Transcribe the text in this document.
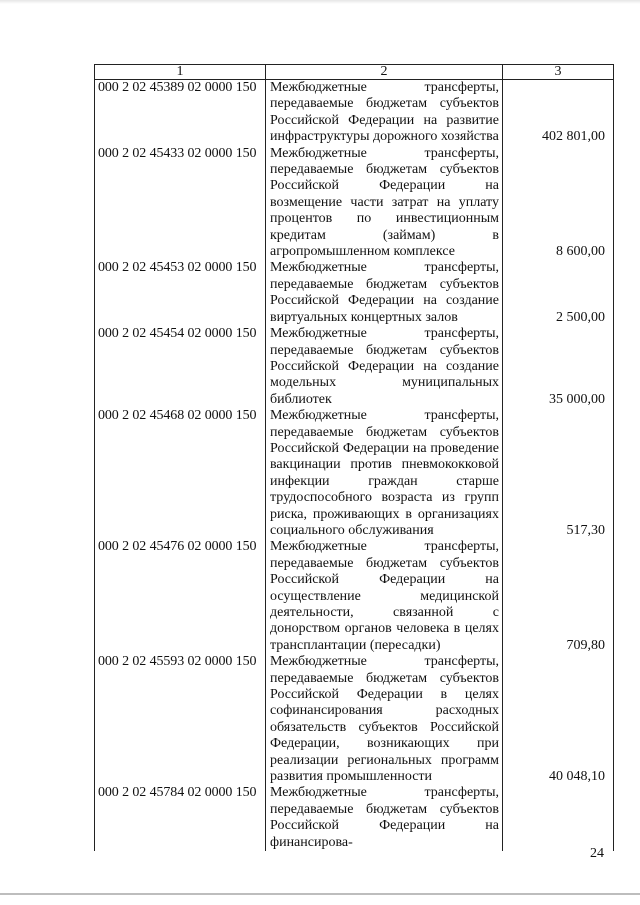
1	2	3
000 2 02 45389 02 0000 150	Межбюджетные трансферты, передаваемые бюджетам субъектов Российской Федерации на развитие инфраструктуры дорожного хозяйства	402 801,00
000 2 02 45433 02 0000 150	Межбюджетные трансферты, передаваемые бюджетам субъектов Российской Федерации на возмещение части затрат на уплату процентов по инвестиционным кредитам (займам) в агропромышленном комплексе	8 600,00
000 2 02 45453 02 0000 150	Межбюджетные трансферты, передаваемые бюджетам субъектов Российской Федерации на создание виртуальных концертных залов	2 500,00
000 2 02 45454 02 0000 150	Межбюджетные трансферты, передаваемые бюджетам субъектов Российской Федерации на создание модельных муниципальных библиотек	35 000,00
000 2 02 45468 02 0000 150	Межбюджетные трансферты, передаваемые бюджетам субъектов Российской Федерации на проведение вакцинации против пневмококковой инфекции граждан старше трудоспособного возраста из групп риска, проживающих в организациях социального обслуживания	517,30
000 2 02 45476 02 0000 150	Межбюджетные трансферты, передаваемые бюджетам субъектов Российской Федерации на осуществление медицинской деятельности, связанной с донорством органов человека в целях трансплантации (пересадки)	709,80
000 2 02 45593 02 0000 150	Межбюджетные трансферты, передаваемые бюджетам субъектов Российской Федерации в целях софинансирования расходных обязательств субъектов Российской Федерации, возникающих при реализации региональных программ развития промышленности	40 048,10
000 2 02 45784 02 0000 150	Межбюджетные трансферты, передаваемые бюджетам субъектов Российской Федерации на финансирова-	
24
